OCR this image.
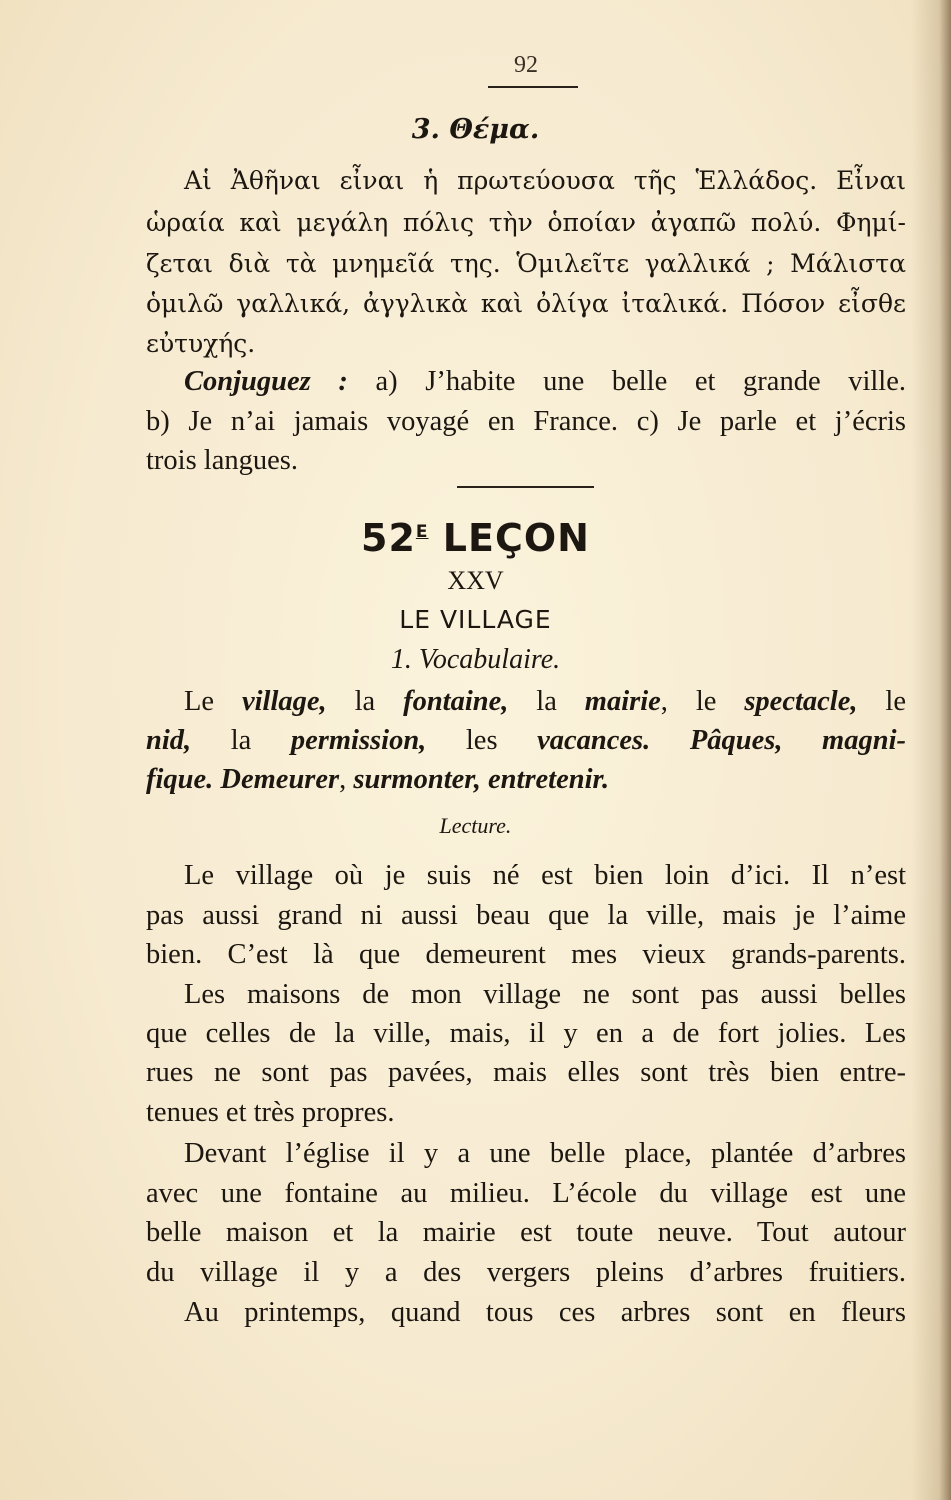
92
3. Θέμα.
Αἱ Ἀθῆναι εἶναι ἡ πρωτεύουσα τῆς Ἑλλάδος. Εἶναι
ὡραία καὶ μεγάλη πόλις τὴν ὁποίαν ἀγαπῶ πολύ. Φημί-
ζεται διὰ τὰ μνημεῖά της. Ὁμιλεῖτε γαλλικά ; Μάλιστα
ὁμιλῶ γαλλικά, ἀγγλικὰ καὶ ὀλίγα ἰταλικά. Πόσον εἶσθε
εὐτυχής.
Conjuguez : a) J’habite une belle et grande ville.
b) Je n’ai jamais voyagé en France. c) Je parle et j’écris
trois langues.
$52^E$ LEÇON
XXV
LE VILLAGE
1. Vocabulaire.
Le village, la fontaine, la mairie, le spectacle, le
nid, la permission, les vacances. Pâques, magni-
fique. Demeurer, surmonter, entretenir.
Lecture.
Le village où je suis né est bien loin d’ici. Il n’est
pas aussi grand ni aussi beau que la ville, mais je l’aime
bien. C’est là que demeurent mes vieux grands-parents.
Les maisons de mon village ne sont pas aussi belles
que celles de la ville, mais, il y en a de fort jolies. Les
rues ne sont pas pavées, mais elles sont très bien entre-
tenues et très propres.
Devant l’église il y a une belle place, plantée d’arbres
avec une fontaine au milieu. L’école du village est une
belle maison et la mairie est toute neuve. Tout autour
du village il y a des vergers pleins d’arbres fruitiers.
Au printemps, quand tous ces arbres sont en fleurs
